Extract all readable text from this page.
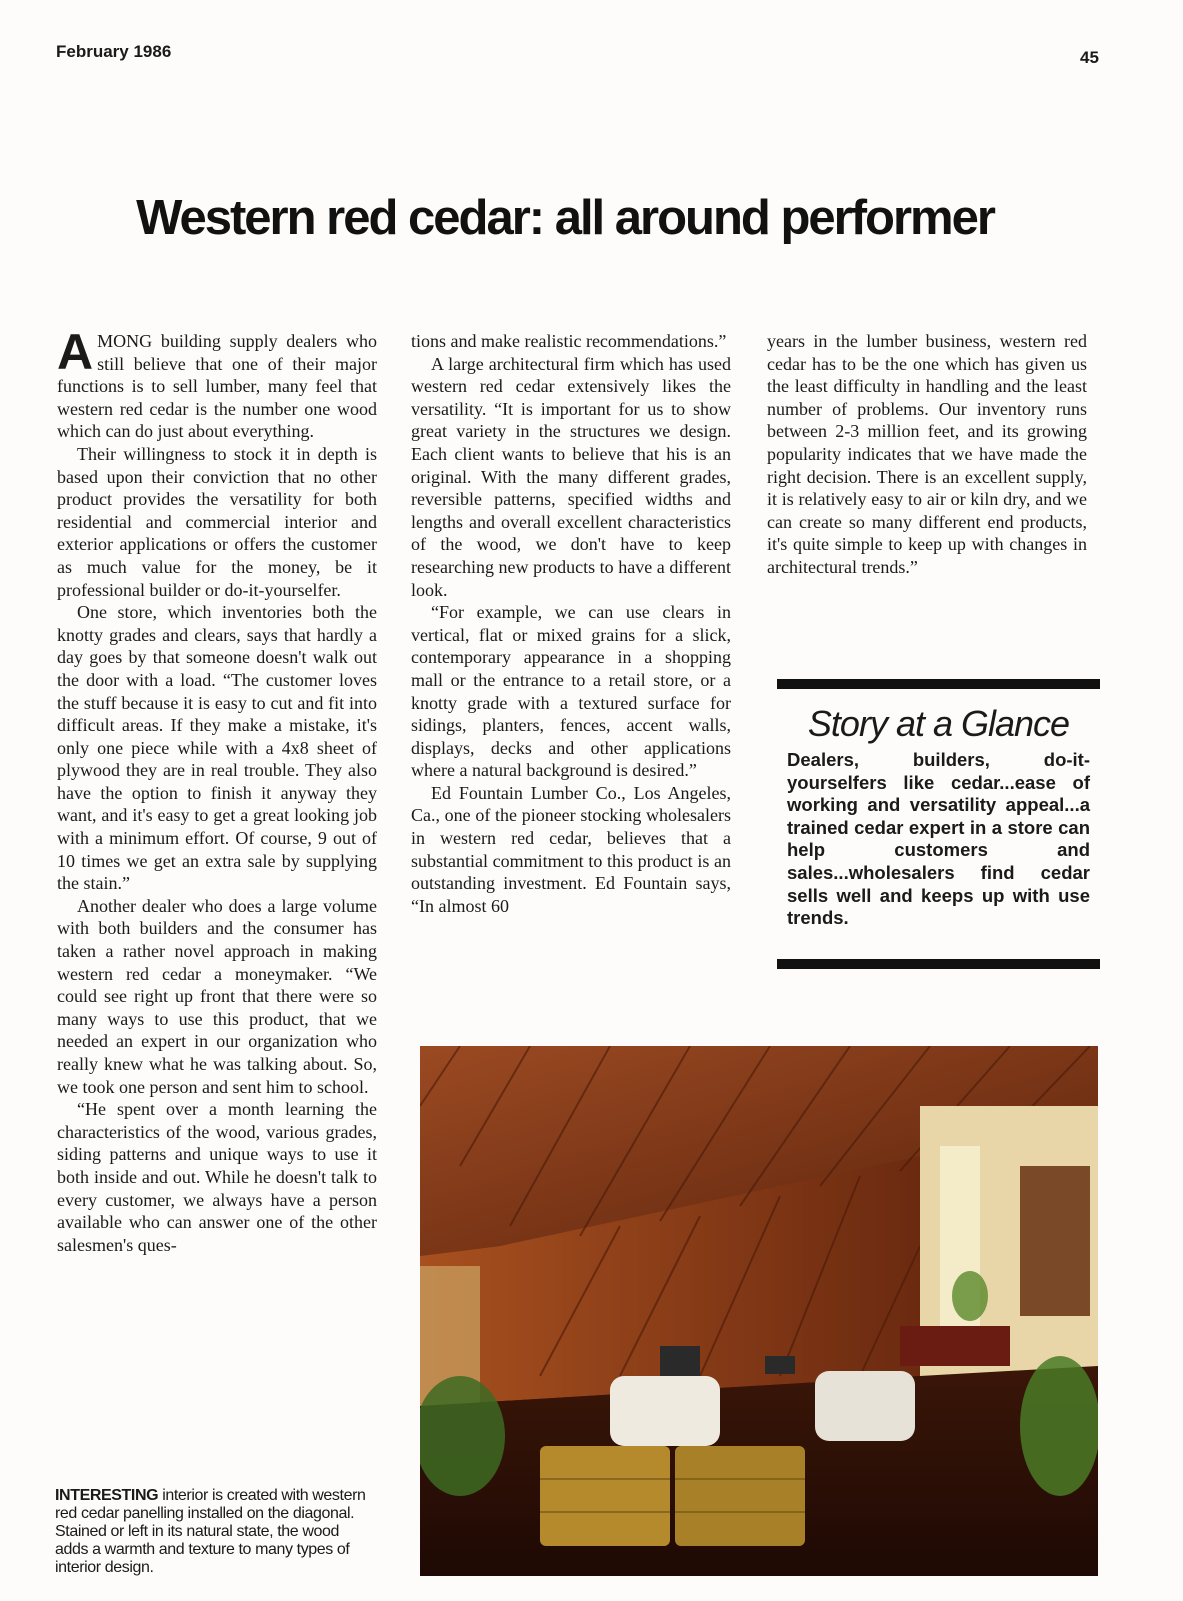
February 1986	45
Western red cedar: all around performer

AMONG building supply dealers who still believe that one of their major functions is to sell lumber, many feel that western red cedar is the number one wood which can do just about everything.

Their willingness to stock it in depth is based upon their conviction that no other product provides the versatility for both residential and commercial interior and exterior applications or offers the customer as much value for the money, be it professional builder or do-it-yourselfer.

One store, which inventories both the knotty grades and clears, says that hardly a day goes by that someone doesn't walk out the door with a load. “The customer loves the stuff because it is easy to cut and fit into difficult areas. If they make a mistake, it's only one piece while with a 4x8 sheet of plywood they are in real trouble. They also have the option to finish it anyway they want, and it's easy to get a great looking job with a minimum effort. Of course, 9 out of 10 times we get an extra sale by supplying the stain.”

Another dealer who does a large volume with both builders and the consumer has taken a rather novel approach in making western red cedar a moneymaker. “We could see right up front that there were so many ways to use this product, that we needed an expert in our organization who really knew what he was talking about. So, we took one person and sent him to school.

“He spent over a month learning the characteristics of the wood, various grades, siding patterns and unique ways to use it both inside and out. While he doesn't talk to every customer, we always have a person available who can answer one of the other salesmen's ques-

tions and make realistic recommendations.”

A large architectural firm which has used western red cedar extensively likes the versatility. “It is important for us to show great variety in the structures we design. Each client wants to believe that his is an original. With the many different grades, reversible patterns, specified widths and lengths and overall excellent characteristics of the wood, we don't have to keep researching new products to have a different look.

“For example, we can use clears in vertical, flat or mixed grains for a slick, contemporary appearance in a shopping mall or the entrance to a retail store, or a knotty grade with a textured surface for sidings, planters, fences, accent walls, displays, decks and other applications where a natural background is desired.”

Ed Fountain Lumber Co., Los Angeles, Ca., one of the pioneer stocking wholesalers in western red cedar, believes that a substantial commitment to this product is an outstanding investment. Ed Fountain says, “In almost 60

years in the lumber business, western red cedar has to be the one which has given us the least difficulty in handling and the least number of problems. Our inventory runs between 2-3 million feet, and its growing popularity indicates that we have made the right decision. There is an excellent supply, it is relatively easy to air or kiln dry, and we can create so many different end products, it's quite simple to keep up with changes in architectural trends.”

Story at a Glance

Dealers, builders, do-it-yourselfers like cedar...ease of working and versatility appeal...a trained cedar expert in a store can help customers and sales...wholesalers find cedar sells well and keeps up with use trends.

INTERESTING interior is created with western red cedar panelling installed on the diagonal. Stained or left in its natural state, the wood adds a warmth and texture to many types of interior design.
